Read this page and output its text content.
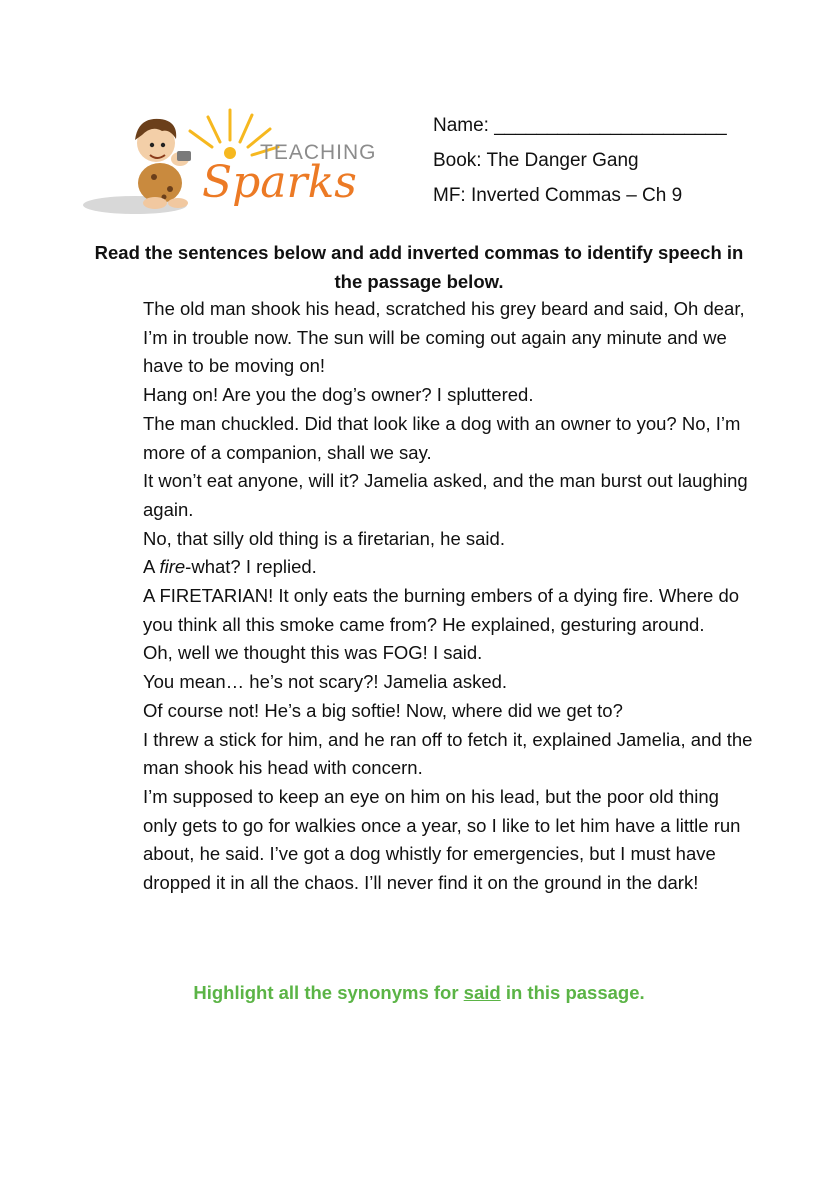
TEACHING
Sparks
Name: ______________________
Book: The Danger Gang
MF: Inverted Commas – Ch 9
Read the sentences below and add inverted commas to identify speech in the passage below.

The old man shook his head, scratched his grey beard and said, Oh dear, I’m in trouble now. The sun will be coming out again any minute and we have to be moving on!

Hang on! Are you the dog’s owner? I spluttered.

The man chuckled. Did that look like a dog with an owner to you? No, I’m more of a companion, shall we say.

It won’t eat anyone, will it? Jamelia asked, and the man burst out laughing again.

No, that silly old thing is a firetarian, he said.

A fire-what? I replied.

A FIRETARIAN! It only eats the burning embers of a dying fire. Where do you think all this smoke came from? He explained, gesturing around.

Oh, well we thought this was FOG! I said.

You mean… he’s not scary?! Jamelia asked.

Of course not! He’s a big softie! Now, where did we get to?

I threw a stick for him, and he ran off to fetch it, explained Jamelia, and the man shook his head with concern.

I’m supposed to keep an eye on him on his lead, but the poor old thing only gets to go for walkies once a year, so I like to let him have a little run about, he said. I’ve got a dog whistly for emergencies, but I must have dropped it in all the chaos. I’ll never find it on the ground in the dark!

Highlight all the synonyms for said in this passage.
